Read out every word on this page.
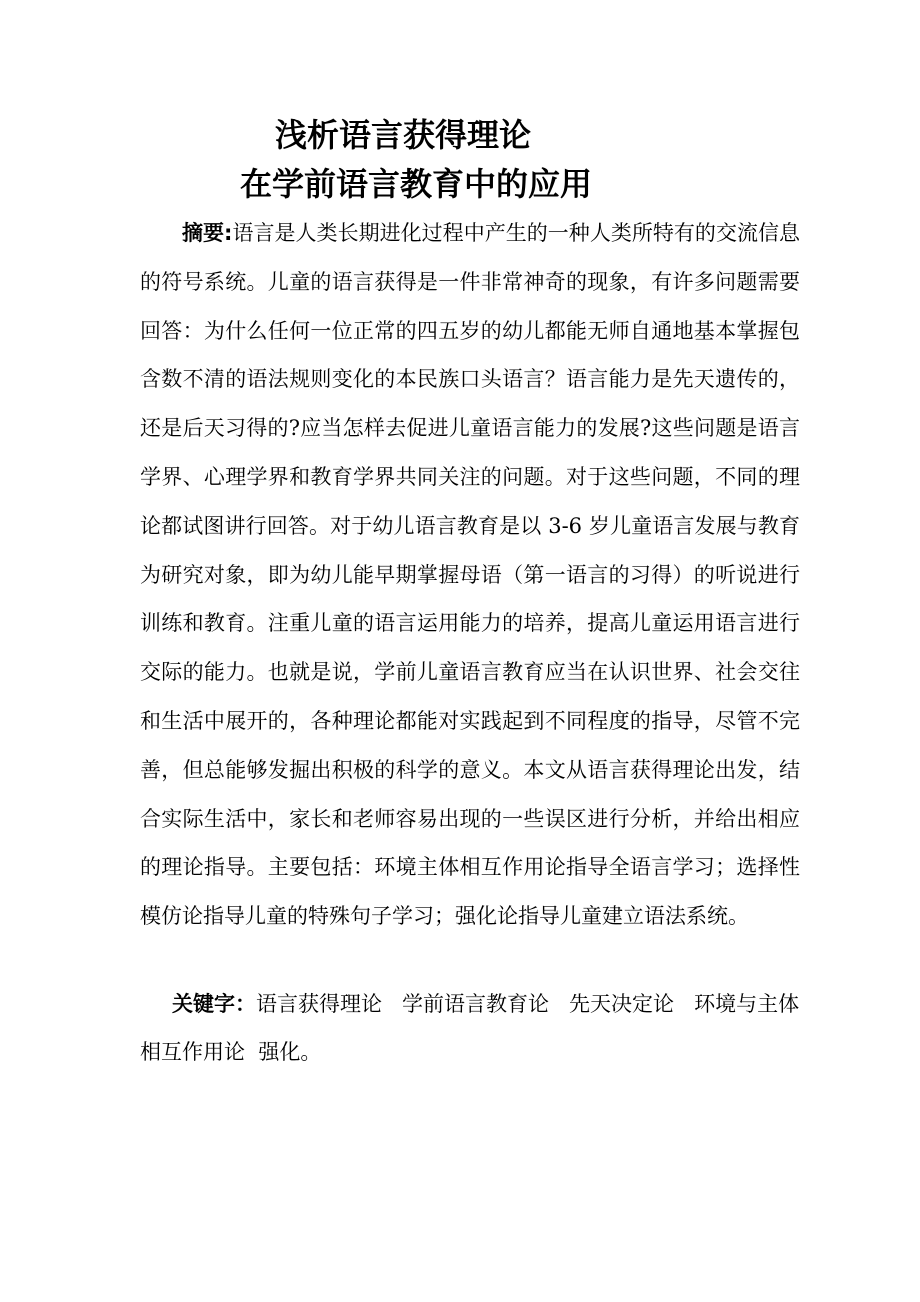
浅析语言获得理论
在学前语言教育中的应用

摘要:语言是人类长期进化过程中产生的一种人类所特有的交流信息的符号系统。儿童的语言获得是一件非常神奇的现象，有许多问题需要回答：为什么任何一位正常的四五岁的幼儿都能无师自通地基本掌握包含数不清的语法规则变化的本民族口头语言？语言能力是先天遗传的，还是后天习得的?应当怎样去促进儿童语言能力的发展?这些问题是语言学界、心理学界和教育学界共同关注的问题。对于这些问题，不同的理论都试图讲行回答。对于幼儿语言教育是以 3-6 岁儿童语言发展与教育为研究对象，即为幼儿能早期掌握母语（第一语言的习得）的听说进行训练和教育。注重儿童的语言运用能力的培养，提高儿童运用语言进行交际的能力。也就是说，学前儿童语言教育应当在认识世界、社会交往和生活中展开的，各种理论都能对实践起到不同程度的指导，尽管不完善，但总能够发掘出积极的科学的意义。本文从语言获得理论出发，结合实际生活中，家长和老师容易出现的一些误区进行分析，并给出相应的理论指导。主要包括：环境主体相互作用论指导全语言学习；选择性模仿论指导儿童的特殊句子学习；强化论指导儿童建立语法系统。

关键字：语言获得理论   学前语言教育论   先天决定论   环境与主体相互作用论  强化。
